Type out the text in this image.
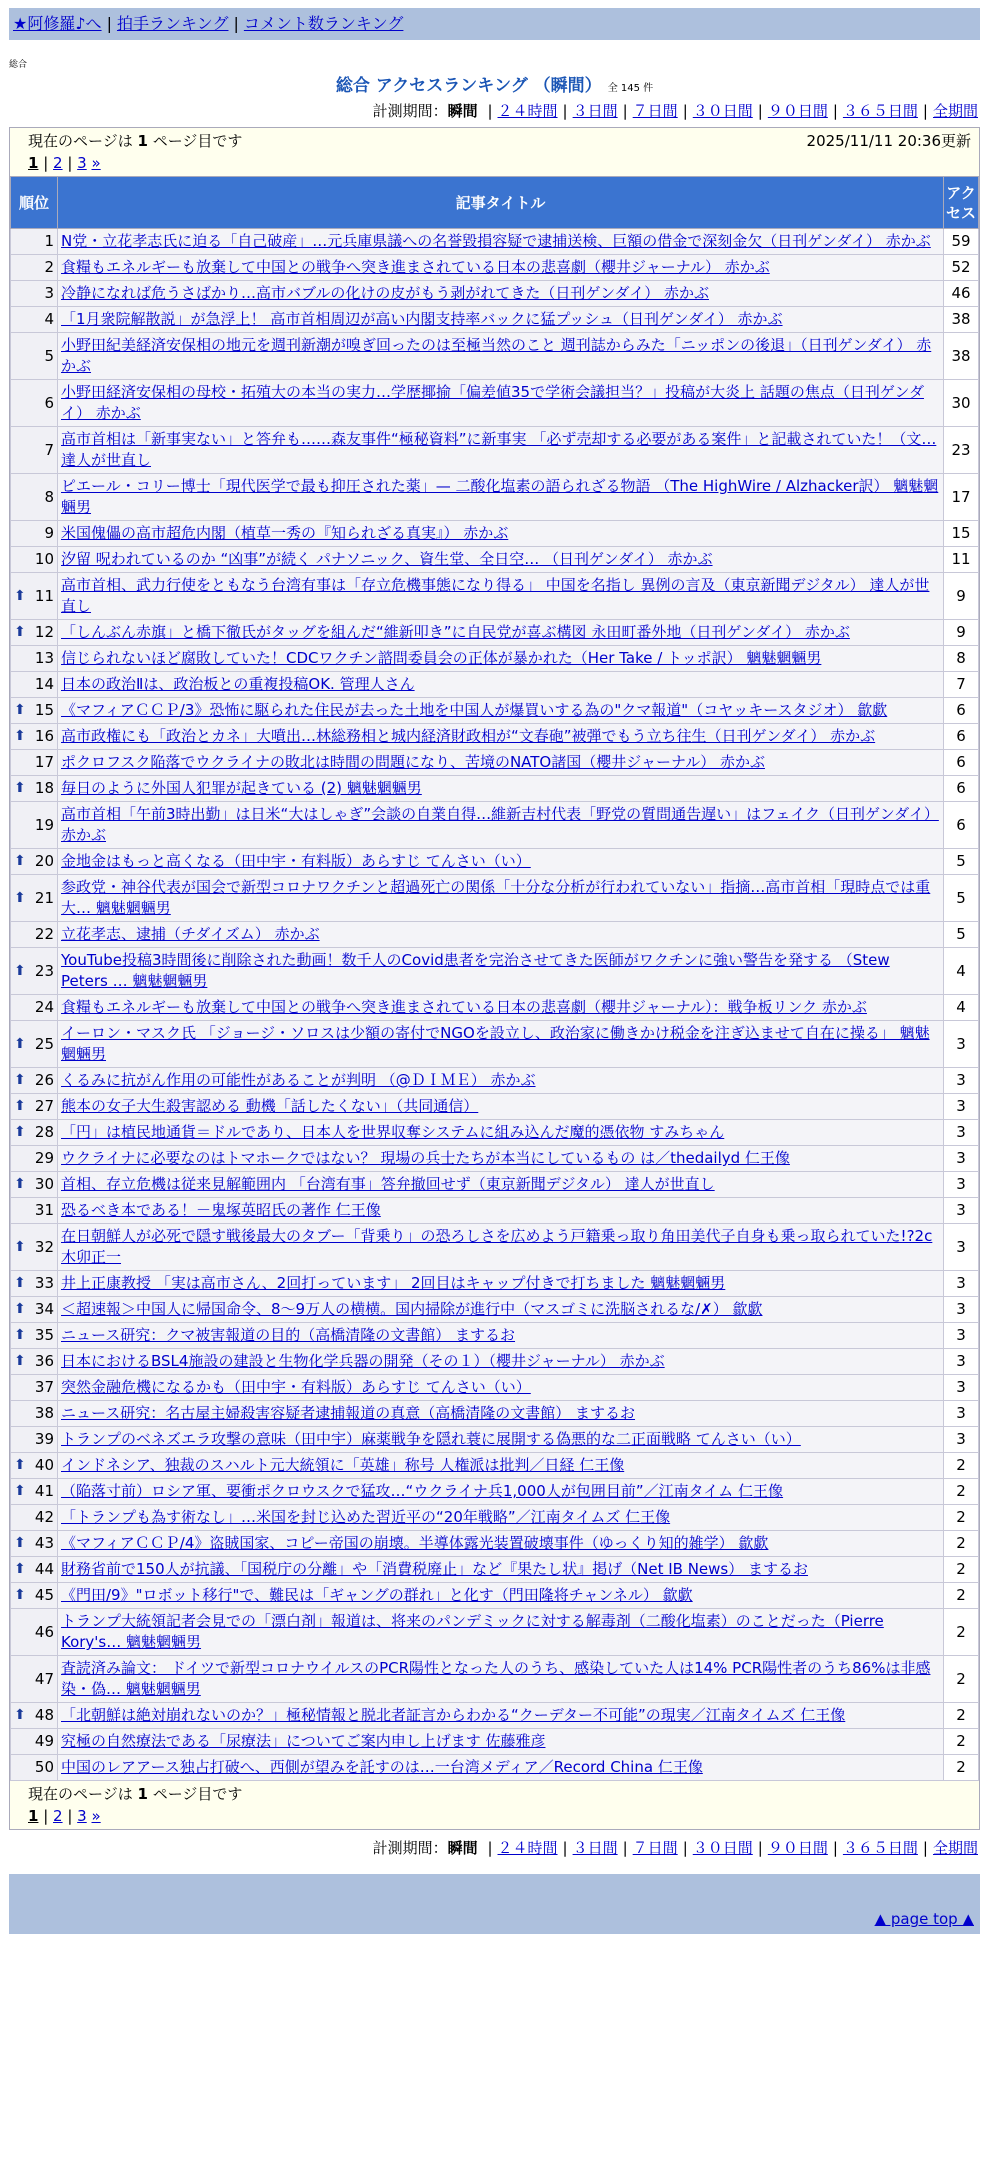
★阿修羅♪へ | 拍手ランキング | コメント数ランキング
総合
総合 アクセスランキング （瞬間） 全 145 件
計測期間：瞬間 | ２４時間 | ３日間 | ７日間 | ３０日間 | ９０日間 | ３６５日間 | 全期間
現在のページは 1 ページ目です	2025/11/11 20:36更新
1 | 2 | 3 »
順位	記事タイトル	アクセス
1	N党・立花孝志氏に迫る「自己破産」…元兵庫県議への名誉毀損容疑で逮捕送検、巨額の借金で深刻金欠（日刊ゲンダイ） 赤かぶ	59
2	食糧もエネルギーも放棄して中国との戦争へ突き進まされている日本の悲喜劇（櫻井ジャーナル） 赤かぶ	52
3	冷静になれば危うさばかり…高市バブルの化けの皮がもう剥がれてきた（日刊ゲンダイ） 赤かぶ	46
4	「1月衆院解散説」が急浮上！ 高市首相周辺が高い内閣支持率バックに猛プッシュ（日刊ゲンダイ） 赤かぶ	38
5	小野田紀美経済安保相の地元を週刊新潮が嗅ぎ回ったのは至極当然のこと 週刊誌からみた「ニッポンの後退」（日刊ゲンダイ） 赤かぶ	38
6	小野田経済安保相の母校・拓殖大の本当の実力…学歴揶揄「偏差値35で学術会議担当？」投稿が大炎上 話題の焦点（日刊ゲンダイ） 赤かぶ	30
7	高市首相は「新事実ない」と答弁も……森友事件“極秘資料”に新事実 「必ず売却する必要がある案件」と記載されていた！（文… 達人が世直し	23
8	ピエール・コリー博士「現代医学で最も抑圧された薬」— 二酸化塩素の語られざる物語 （The HighWire / Alzhacker訳） 魑魅魍魎男	17
9	米国傀儡の高市超危内閣（植草一秀の『知られざる真実』） 赤かぶ	15
10	汐留 呪われているのか “凶事”が続く パナソニック、資生堂、全日空… （日刊ゲンダイ） 赤かぶ	11

⬆ 11	高市首相、武力行使をともなう台湾有事は「存立危機事態になり得る」 中国を名指し 異例の言及（東京新聞デジタル） 達人が世直し	9

⬆ 12	「しんぶん赤旗」と橋下徹氏がタッグを組んだ“維新叩き”に自民党が喜ぶ構図 永田町番外地（日刊ゲンダイ） 赤かぶ	9
13	信じられないほど腐敗していた！CDCワクチン諮問委員会の正体が暴かれた（Her Take / トッポ訳） 魑魅魍魎男	8
14	日本の政治Ⅱは、政治板との重複投稿OK. 管理人さん	7

⬆ 15	《マフィアＣＣＰ/3》恐怖に駆られた住民が去った土地を中国人が爆買いする為の"クマ報道"（コヤッキースタジオ） 歙歔	6

⬆ 16	高市政権にも「政治とカネ」大噴出…林総務相と城内経済財政相が“文春砲”被弾でもう立ち往生（日刊ゲンダイ） 赤かぶ	6
17	ポクロフスク陥落でウクライナの敗北は時間の問題になり、苦境のNATO諸国（櫻井ジャーナル） 赤かぶ	6

⬆ 18	毎日のように外国人犯罪が起きている (2) 魑魅魍魎男	6
19	高市首相「午前3時出勤」は日米“大はしゃぎ”会談の自業自得…維新吉村代表「野党の質問通告遅い」はフェイク（日刊ゲンダイ） 赤かぶ	6

⬆ 20	金地金はもっと高くなる（田中宇・有料版）あらすじ てんさい（い）	5

⬆ 21	参政党・神谷代表が国会で新型コロナワクチンと超過死亡の関係「十分な分析が行われていない」指摘…高市首相「現時点では重大… 魑魅魍魎男	5
22	立花孝志、逮捕（チダイズム） 赤かぶ	5

⬆ 23	YouTube投稿3時間後に削除された動画！数千人のCovid患者を完治させてきた医師がワクチンに強い警告を発する （Stew Peters … 魑魅魍魎男	4
24	食糧もエネルギーも放棄して中国との戦争へ突き進まされている日本の悲喜劇（櫻井ジャーナル）：戦争板リンク 赤かぶ	4

⬆ 25	イーロン・マスク氏 「ジョージ・ソロスは少額の寄付でNGOを設立し、政治家に働きかけ税金を注ぎ込ませて自在に操る」 魑魅魍魎男	3

⬆ 26	くるみに抗がん作用の可能性があることが判明 （@ＤＩＭＥ） 赤かぶ	3

⬆ 27	熊本の女子大生殺害認める 動機「話したくない」（共同通信）	3

⬆ 28	「円」は植民地通貨＝ドルであり、日本人を世界収奪システムに組み込んだ魔的憑依物 すみちゃん	3
29	ウクライナに必要なのはトマホークではない？ 現場の兵士たちが本当にしているもの は／thedailyd 仁王像	3

⬆ 30	首相、存立危機は従来見解範囲内 「台湾有事」答弁撤回せず（東京新聞デジタル） 達人が世直し	3
31	恐るべき本である！－鬼塚英昭氏の著作 仁王像	3

⬆ 32	在日朝鮮人が必死で隠す戦後最大のタブー「背乗り」の恐ろしさを広めよう戸籍乗っ取り角田美代子自身も乗っ取られていた!?2c 木卯正一	3

⬆ 33	井上正康教授 「実は高市さん、2回打っています」 2回目はキャップ付きで打ちました 魑魅魍魎男	3

⬆ 34	＜超速報＞中国人に帰国命令、8～9万人の横横。国内掃除が進行中（マスゴミに洗脳されるな/✗） 歙歔	3

⬆ 35	ニュース研究：クマ被害報道の目的（高橋清隆の文書館） まするお	3

⬆ 36	日本におけるBSL4施設の建設と生物化学兵器の開発（その１）（櫻井ジャーナル） 赤かぶ	3
37	突然金融危機になるかも（田中宇・有料版）あらすじ てんさい（い）	3
38	ニュース研究：名古屋主婦殺害容疑者逮捕報道の真意（高橋清隆の文書館） まするお	3
39	トランプのベネズエラ攻撃の意味（田中宇）麻薬戦争を隠れ蓑に展開する偽悪的な二正面戦略 てんさい（い）	3

⬆ 40	インドネシア、独裁のスハルト元大統領に「英雄」称号 人権派は批判／日経 仁王像	2

⬆ 41	（陥落寸前）ロシア軍、要衝ポクロウスクで猛攻…“ウクライナ兵1,000人が包囲目前”／江南タイム 仁王像	2
42	「トランプも為す術なし」…米国を封じ込めた習近平の“20年戦略”／江南タイムズ 仁王像	2

⬆ 43	《マフィアＣＣＰ/4》盗賊国家、コピー帝国の崩壊。半導体露光装置破壊事件（ゆっくり知的雑学） 歙歔	2

⬆ 44	財務省前で150人が抗議、「国税庁の分離」や「消費税廃止」など『果たし状』掲げ（Net IB News） まするお	2

⬆ 45	《門田/9》"ロボット移行"で、難民は「ギャングの群れ」と化す（門田隆将チャンネル） 歙歔	2
46	トランプ大統領記者会見での「漂白剤」報道は、将来のパンデミックに対する解毒剤（二酸化塩素）のことだった（Pierre Kory's… 魑魅魍魎男	2
47	査読済み論文： ドイツで新型コロナウイルスのPCR陽性となった人のうち、感染していた人は14% PCR陽性者のうち86%は非感染・偽… 魑魅魍魎男	2

⬆ 48	「北朝鮮は絶対崩れないのか？」極秘情報と脱北者証言からわかる“クーデター不可能”の現実／江南タイムズ 仁王像	2
49	究極の自然療法である「尿療法」についてご案内申し上げます 佐藤雅彦	2
50	中国のレアアース独占打破へ、西側が望みを託すのは…一台湾メディア／Record China 仁王像	2
現在のページは 1 ページ目です
1 | 2 | 3 »
計測期間：瞬間 | ２４時間 | ３日間 | ７日間 | ３０日間 | ９０日間 | ３６５日間 | 全期間
▲ page top ▲
